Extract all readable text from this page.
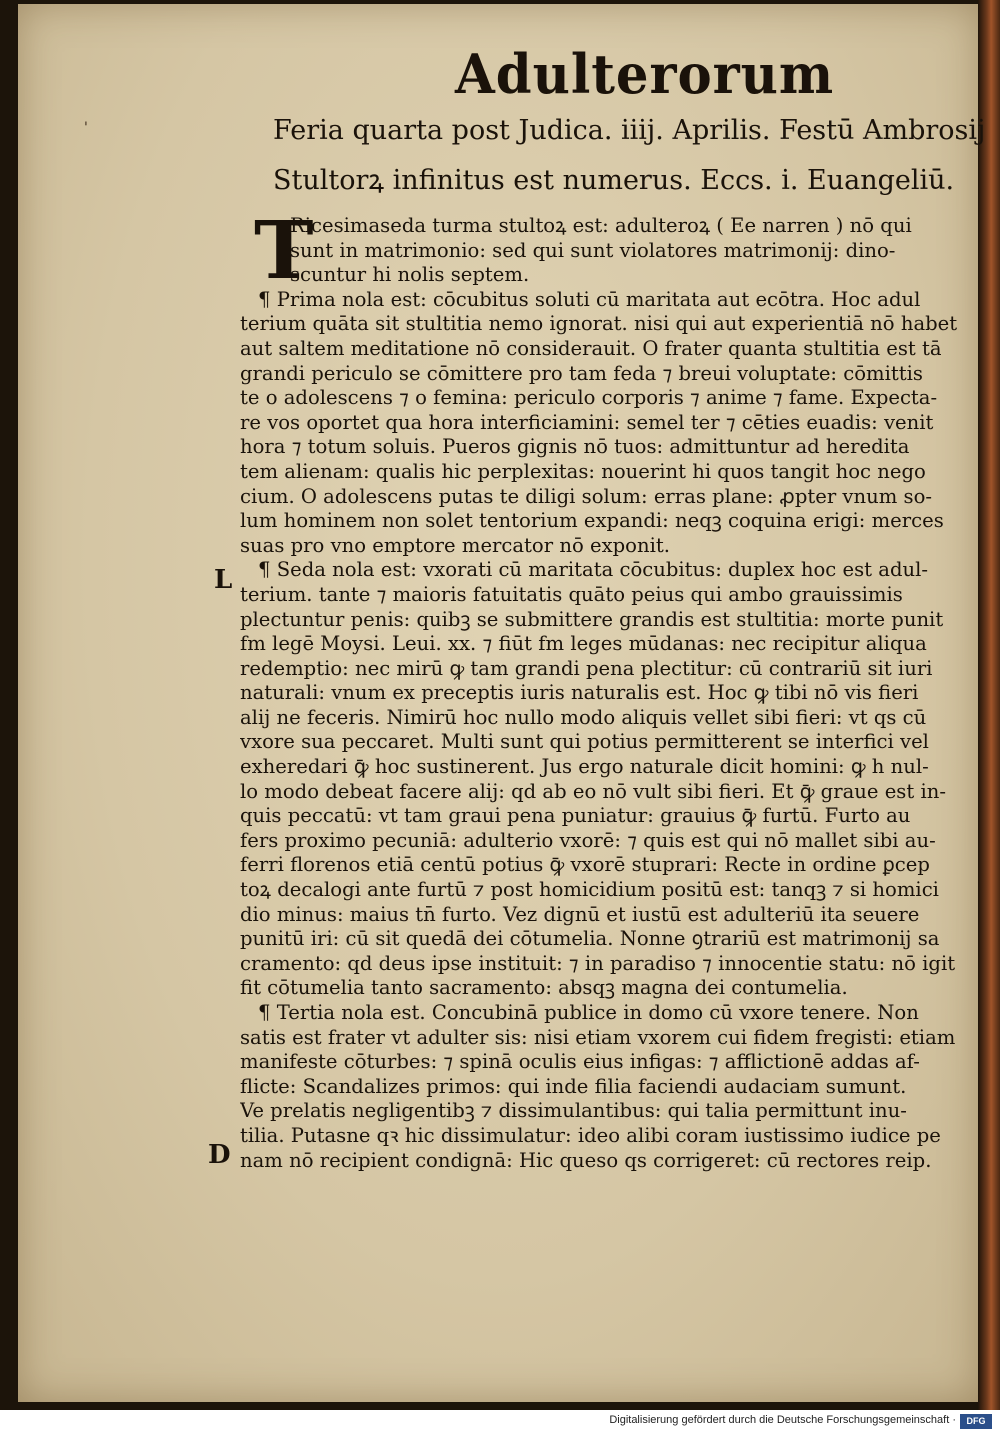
'
Adulterorum
Feria quarta post Judica. iiij. Aprilis. Festū Ambrosij
Stultorꝝ infinitus est numerus. Eccs. i. Euangeliū.
T
L
D
Ricesimaseda turma stultoꝝ est: adulteroꝝ ( Ee narren ) nō qui
sunt in matrimonio: sed qui sunt violatores matrimonij: dino-
scuntur hi nolis septem.
¶ Prima nola est: cōcubitus soluti cū maritata aut ecōtra. Hoc adul
terium quāta sit stultitia nemo ignorat. nisi qui aut experientiā nō habet
aut saltem meditatione nō considerauit. O frater quanta stultitia est tā
grandi periculo se cōmittere pro tam feda ⁊ breui voluptate: cōmittis
te o adolescens ⁊ o femina: periculo corporis ⁊ anime ⁊ fame. Expecta-
re vos oportet qua hora interficiamini: semel ter ⁊ cēties euadis: venit
hora ⁊ totum soluis. Pueros gignis nō tuos: admittuntur ad heredita
tem alienam: qualis hic perplexitas: nouerint hi quos tangit hoc nego
cium. O adolescens putas te diligi solum: erras plane: ꝓpter vnum so-
lum hominem non solet tentorium expandi: neqꝫ coquina erigi: merces
suas pro vno emptore mercator nō exponit.
¶ Seda nola est: vxorati cū maritata cōcubitus: duplex hoc est adul-
terium. tante ⁊ maioris fatuitatis quāto peius qui ambo grauissimis
plectuntur penis: quibꝫ se submittere grandis est stultitia: morte punit
fm legē Moysi. Leui. xx. ⁊ fiūt fm leges mūdanas: nec recipitur aliqua
redemptio: nec mirū ꝙ tam grandi pena plectitur: cū contrariū sit iuri
naturali: vnum ex preceptis iuris naturalis est. Hoc ꝙ tibi nō vis fieri
alij ne feceris. Nimirū hoc nullo modo aliquis vellet sibi fieri: vt qs cū
vxore sua peccaret. Multi sunt qui potius permitterent se interfici vel
exheredari ꝙ̄ hoc sustinerent. Jus ergo naturale dicit homini: ꝙ h nul-
lo modo debeat facere alij: qd ab eo nō vult sibi fieri. Et ꝙ̄ graue est in-
quis peccatū: vt tam graui pena puniatur: grauius ꝙ̄ furtū. Furto au
fers proximo pecuniā: adulterio vxorē: ⁊ quis est qui nō mallet sibi au-
ferri florenos etiā centū potius ꝙ̄ vxorē stuprari: Recte in ordine ꝑcep
toꝝ decalogi ante furtū ⁊ post homicidium positū est: tanqꝫ ⁊ si homici
dio minus: maius tn̄ furto. Vez dignū et iustū est adulteriū ita seuere
punitū iri: cū sit quedā dei cōtumelia. Nonne ꝯtrariū est matrimonij sa
cramento: qd deus ipse instituit: ⁊ in paradiso ⁊ innocentie statu: nō igit
fit cōtumelia tanto sacramento: absqꝫ magna dei contumelia.
¶ Tertia nola est. Concubinā publice in domo cū vxore tenere. Non
satis est frater vt adulter sis: nisi etiam vxorem cui fidem fregisti: etiam
manifeste cōturbes: ⁊ spinā oculis eius infigas: ⁊ afflictionē addas af-
flicte: Scandalizes primos: qui inde filia faciendi audaciam sumunt.
Ve prelatis negligentibꝫ ⁊ dissimulantibus: qui talia permittunt inu-
tilia. Putasne qꝛ hic dissimulatur: ideo alibi coram iustissimo iudice pe
nam nō recipient condignā: Hic queso qs corrigeret: cū rectores reip.
Digitalisierung gefördert durch die Deutsche Forschungsgemeinschaft ·	DFG
